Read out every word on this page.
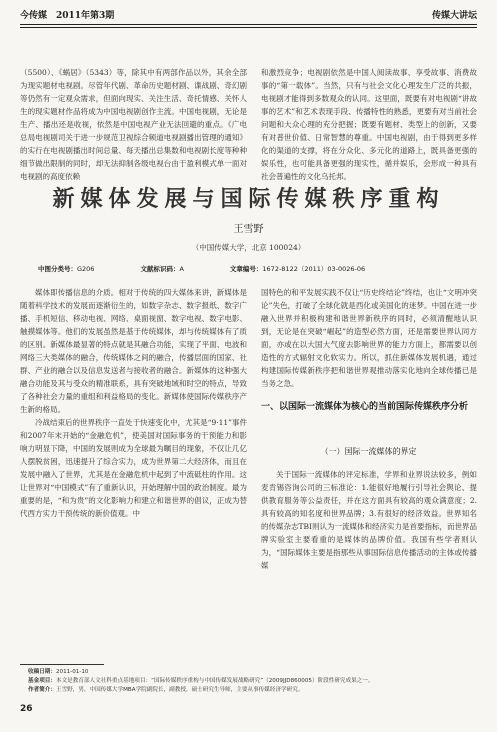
今传媒　2011年第3期	传媒大讲坛

（5500）、《蜗居》（5343）等，除其中有两部作品以外，其余全部为现实题材电视剧。尽管年代剧、革命历史题材剧、谍战剧、奇幻剧等仍然有一定观众需求，但面向现实、关注生活、奇托情感、关怀人生的现实题材作品将成为中国电视剧创作主流。中国电视剧，无论是生产、播出还是收视，依然是中国电视产业无法回避的重点。《广电总局电视剧司关于进一步规范卫视综合频道电视剧播出管理的通知》的实行在电视剧播出时间总量、每天播出总集数和电视剧长度等种种细节做出限制的同时，却无法抑制各级电视台由于盈利模式单一面对电视剧的高度依赖

和激烈竞争；电视剧依然是中国人阅读故事、享受故事、消费故事的“第一载体”。当然，只有与社会文化心理发生广泛的共振，电视剧才能得到多数观众的认同。这里面，既要有对电视剧“讲故事的艺术”和艺术表现手段、传播特性的熟悉，更要有对当前社会问题和大众心理的充分把握；既要有题材、类型上的创新，又要有对普世价值、日常智慧的尊重。中国电视剧，由于得到更多样化的渠道的支撑，将在分众化、多元化的道路上，既具备更强的娱乐性，也可能具备更强的现实性，循并娱乐，会形成一种具有社会普遍性的文化乌托邦。

新媒体发展与国际传媒秩序重构
王雪野
（中国传媒大学，北京 100024）
中图分类号：G206	文献标识码：A	文章编号：1672-8122（2011）03-0026-06

媒体即传播信息的介质。相对于传统的四大媒体来讲，新媒体是随着科学技术的发展而逐渐衍生的，如数字杂志、数字报纸、数字广播、手机短信、移动电视、网络、桌面视窗、数字电视、数字电影、触摸媒体等。他们的发展虽然是基于传统媒体，却与传统媒体有了质的区别。新媒体最显著的特点就是其融合功能，实现了平面、电波和网络三大类媒体的融合，传统媒体之间的融合，传播层面的国家、社群、产业的融合以及信息发送者与接收者的融合。新媒体的这种强大融合功能及其与受众的精准联系，具有突破地域和时空的特点，导致了各种社会力量的重组和利益格局的变化。新媒体使国际传媒秩序产生新的格局。

冷战结束后的世界秩序一直处于快速变化中，尤其是“9·11”事件和2007年末开始的“金融危机”，使美国对国际事务的干预能力和影响力明显下降，中国的发展则成为全球最为瞩目的现象，不仅让几亿人摆脱贫困，迅速提升了综合实力，成为世界第二大经济体，而且在发展中融入了世界，尤其是在金融危机中起到了中流砥柱的作用。这让世界对“中国模式”有了重新认识，开始理解中国的政治制度。最为重要的是，“和为贵”的文化影响力和建立和谐世界的倡议，正成为替代西方实力干预传统的新价值观。中

国特色的和平发展实践不仅让“历史终结论”终结，也让“文明冲突论”失色，打破了全球化就是西化或美国化的迷梦。中国在进一步融入世界并积极构建和谐世界新秩序的同时，必须清醒地认识到，无论是在突破“崛起”的造型必然方面，还是需要世界认同方面，亦或在以大国大气度去影响世界的能力方面上，都需要以创造性的方式辐射文化软实力。所以，抓住新媒体发展机遇，通过构建国际传媒新秩序把和谐世界观推动落实化地向全球传播已是当务之急。

一、以国际一流媒体为核心的当前国际传媒秩序分析
（一）国际一流媒体的界定

关于国际一流媒体的评定标准，学界和业界说法较多，例如麦肯锡咨询公司的三标准论：1.能很好地履行引导社会舆论、提供教育服务等公益责任，并在这方面具有较高的观众满意度；2.具有较高的知名度和世界品牌；3.有很好的经济效益。世界知名的传媒杂志TBI则认为一流媒体和经济实力是首要指标，而世界品牌实验室主要看重的是媒体的品牌价值。我国有些学者则认为，“国际媒体主要是指那些从事国际信息传播活动的主体或传播媒

收稿日期：2011-01-10
基金项目：本文是教育部人文社科重点基地项目：“国际传媒秩序重构与中国传媒发展战略研究”（2009JJD860005）阶段性研究成果之一。
作者简介：王雪野，男，中国传媒大学MBA学院副院长，副教授，硕士研究生导师，主要从事传媒经济学研究。
26
